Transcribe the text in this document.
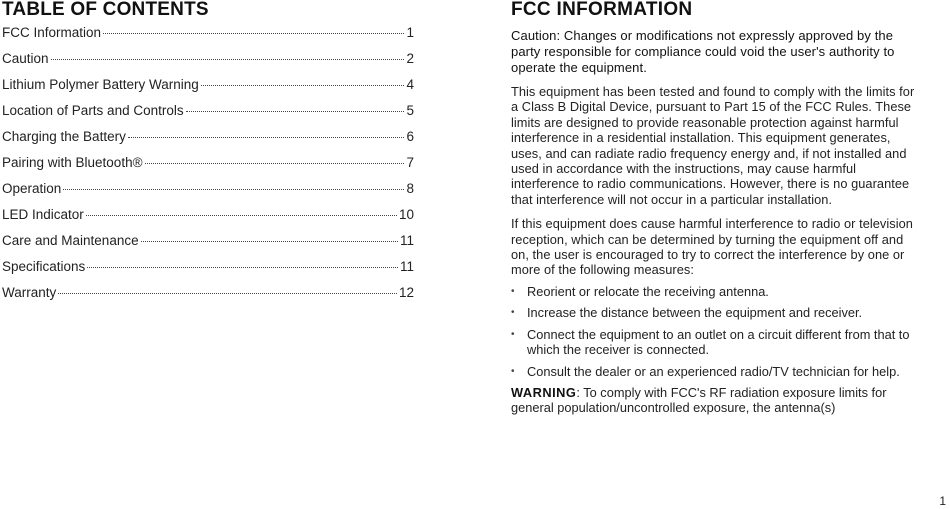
TABLE OF CONTENTS
FCC Information	1
Caution	2
Lithium Polymer Battery Warning	4
Location of Parts and Controls	5
Charging the Battery	6
Pairing with Bluetooth®	7
Operation	8
LED Indicator	10
Care and Maintenance	11
Specifications	11
Warranty	12
FCC INFORMATION

Caution: Changes or modifications not expressly approved by the party responsible for compliance could void the user's authority to operate the equipment.

This equipment has been tested and found to comply with the limits for a Class B Digital Device, pursuant to Part 15 of the FCC Rules. These limits are designed to provide reasonable protection against harmful interference in a residential installation. This equipment generates, uses, and can radiate radio frequency energy and, if not installed and used in accordance with the instructions, may cause harmful interference to radio communications. However, there is no guarantee that interference will not occur in a particular installation.

If this equipment does cause harmful interference to radio or television reception, which can be determined by turning the equipment off and on, the user is encouraged to try to correct the interference by one or more of the following measures:

• Reorient or relocate the receiving antenna.
• Increase the distance between the equipment and receiver.
• Connect the equipment to an outlet on a circuit different from that to which the receiver is connected.
• Consult the dealer or an experienced radio/TV technician for help.

WARNING: To comply with FCC's RF radiation exposure limits for general population/uncontrolled exposure, the antenna(s)

1
